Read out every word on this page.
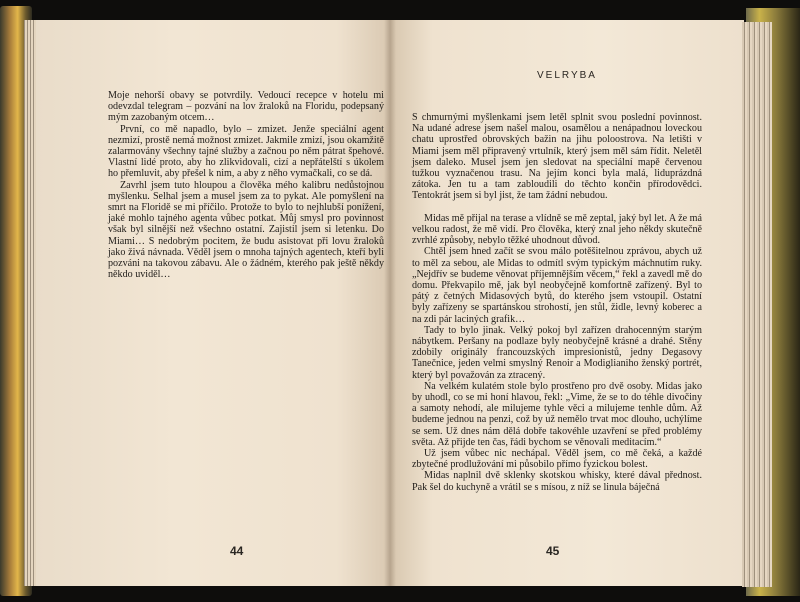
Moje nehorší obavy se potvrdily. Vedoucí recepce v hotelu mi odevzdal telegram – pozvání na lov žraloků na Floridu, podepsaný mým zazobaným otcem…

První, co mě napadlo, bylo – zmizet. Jenže speciální agent nezmizí, prostě nemá možnost zmizet. Jakmile zmizí, jsou okamžitě zalarmovány všechny tajné služby a začnou po něm pátrat špehové. Vlastní lidé proto, aby ho zlikvidovali, cizí a nepřátelští s úkolem ho přemluvit, aby přešel k nim, a aby z něho vymačkali, co se dá.

Zavrhl jsem tuto hloupou a člověka mého kalibru nedůstojnou myšlenku. Selhal jsem a musel jsem za to pykat. Ale pomyšlení na smrt na Floridě se mi příčilo. Protože to bylo to nejhlubší ponížení, jaké mohlo tajného agenta vůbec potkat. Můj smysl pro povinnost však byl silnější než všechno ostatní. Zajistil jsem si letenku. Do Miami… S nedobrým pocitem, že budu asistovat při lovu žraloků jako živá návnada. Věděl jsem o mnoha tajných agentech, kteří byli pozváni na takovou zábavu. Ale o žádném, kterého pak ještě někdy někdo uviděl…

44
VELRYBA

S chmurnými myšlenkami jsem letěl splnit svou poslední povinnost. Na udané adrese jsem našel malou, osamělou a nenápadnou loveckou chatu uprostřed obrovských bažin na jihu poloostrova. Na letišti v Miami jsem měl připravený vrtulník, který jsem měl sám řídit. Neletěl jsem daleko. Musel jsem jen sledovat na speciální mapě červenou tužkou vyznačenou trasu. Na jejím konci byla malá, liduprázdná zátoka. Jen tu a tam zabloudili do těchto končin přírodovědci. Tentokrát jsem si byl jist, že tam žádní nebudou.

Midas mě přijal na terase a vlídně se mě zeptal, jaký byl let. A že má velkou radost, že mě vidí. Pro člověka, který znal jeho někdy skutečně zvrhlé způsoby, nebylo těžké uhodnout důvod.

Chtěl jsem hned začít se svou málo potěšitelnou zprávou, abych už to měl za sebou, ale Midas to odmítl svým typickým máchnutím ruky. „Nejdřív se budeme věnovat příjemnějším věcem,“ řekl a zavedl mě do domu. Překvapilo mě, jak byl neobyčejně komfortně zařízený. Byl to pátý z četných Midasových bytů, do kterého jsem vstoupil. Ostatní byly zařízeny se spartánskou strohostí, jen stůl, židle, levný koberec a na zdi pár laciných grafik…

Tady to bylo jinak. Velký pokoj byl zařízen drahocenným starým nábytkem. Peršany na podlaze byly neobyčejně krásné a drahé. Stěny zdobily originály francouzských impresionistů, jedny Degasovy Tanečnice, jeden velmi smyslný Renoir a Modiglianiho ženský portrét, který byl považován za ztracený.

Na velkém kulatém stole bylo prostřeno pro dvě osoby. Midas jako by uhodl, co se mi honí hlavou, řekl: „Vime, že se to do téhle divočiny a samoty nehodí, ale milujeme tyhle věci a milujeme tenhle dům. Až budeme jednou na penzi, což by už nemělo trvat moc dlouho, uchýlíme se sem. Už dnes nám dělá dobře takovéhle uzavření se před problémy světa. Až přijde ten čas, řádi bychom se věnovali meditacím.“

Už jsem vůbec nic nechápal. Věděl jsem, co mě čeká, a každé zbytečné prodlužování mi působilo přímo fyzickou bolest.

Midas naplnil dvě sklenky skotskou whisky, které dával přednost. Pak šel do kuchyně a vrátil se s mísou, z níž se linula báječná

45
